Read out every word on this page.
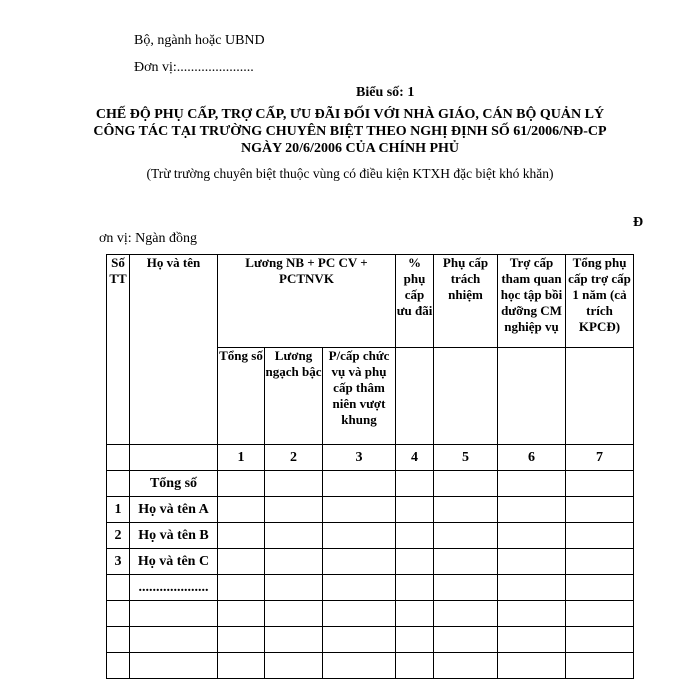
Bộ, ngành hoặc UBND
Đơn vị:......................
Biểu số: 1
CHẾ ĐỘ PHỤ CẤP, TRỢ CẤP, ƯU ĐÃI ĐỐI VỚI NHÀ GIÁO, CÁN BỘ QUẢN LÝ
CÔNG TÁC TẠI TRƯỜNG CHUYÊN BIỆT THEO NGHỊ ĐỊNH SỐ 61/2006/NĐ-CP
NGÀY 20/6/2006 CỦA CHÍNH PHỦ
(Trừ trường chuyên biệt thuộc vùng có điều kiện KTXH đặc biệt khó khăn)
Đ
ơn vị: Ngàn đồng
Số TT	Họ và tên	Lương NB + PC CV + PCTNVK			% phụ cấp ưu đãi	Phụ cấp trách nhiệm	Trợ cấp tham quan học tập bồi dưỡng CM nghiệp vụ	Tổng phụ cấp trợ cấp 1 năm (cả trích KPCĐ)
		Tổng số	Lương ngạch bậc	P/cấp chức vụ và phụ cấp thâm niên vượt khung				
		1	2	3	4	5	6	7
	Tổng số							
1	Họ và tên A							
2	Họ và tên B							
3	Họ và tên C							
	....................							
